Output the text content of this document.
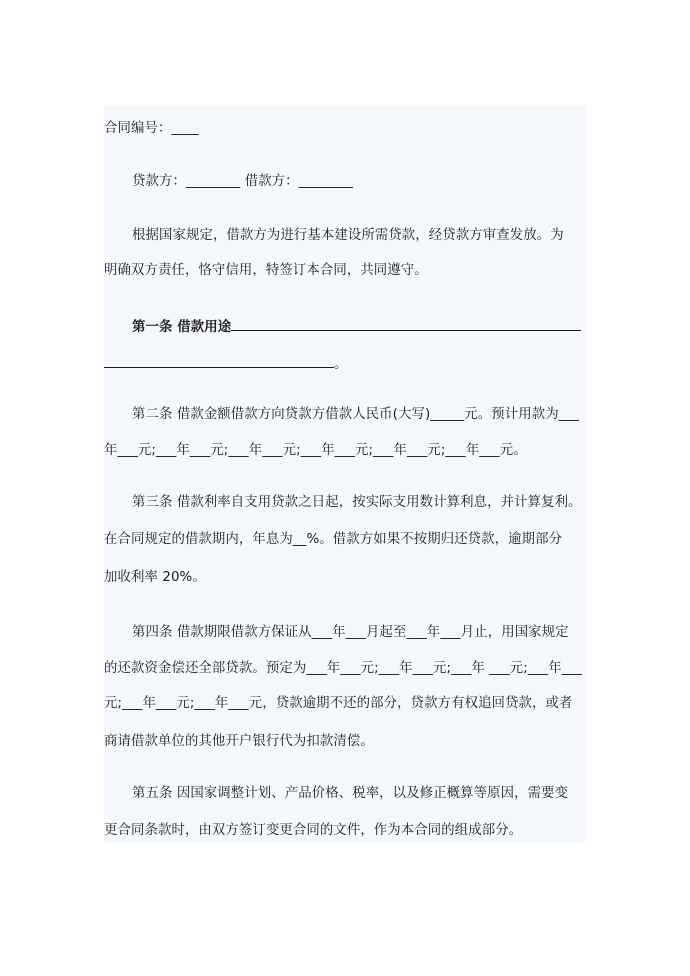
合同编号：____
贷款方：________ 借款方：________
根据国家规定，借款方为进行基本建设所需贷款，经贷款方审查发放。为
明确双方责任，恪守信用，特签订本合同，共同遵守。
第一条 借款用途
。
第二条 借款金额借款方向贷款方借款人民币(大写)_____元。预计用款为___
年___元;___年___元;___年___元;___年___元;___年___元;___年___元。
第三条 借款利率自支用贷款之日起，按实际支用数计算利息，并计算复利。
在合同规定的借款期内，年息为__%。借款方如果不按期归还贷款，逾期部分
加收利率 20%。
第四条 借款期限借款方保证从___年___月起至___年___月止，用国家规定
的还款资金偿还全部贷款。预定为___年___元;___年___元;___年 ___元;___年___
元;___年___元;___年___元，贷款逾期不还的部分，贷款方有权追回贷款，或者
商请借款单位的其他开户银行代为扣款清偿。
第五条 因国家调整计划、产品价格、税率，以及修正概算等原因，需要变
更合同条款时，由双方签订变更合同的文件，作为本合同的组成部分。
